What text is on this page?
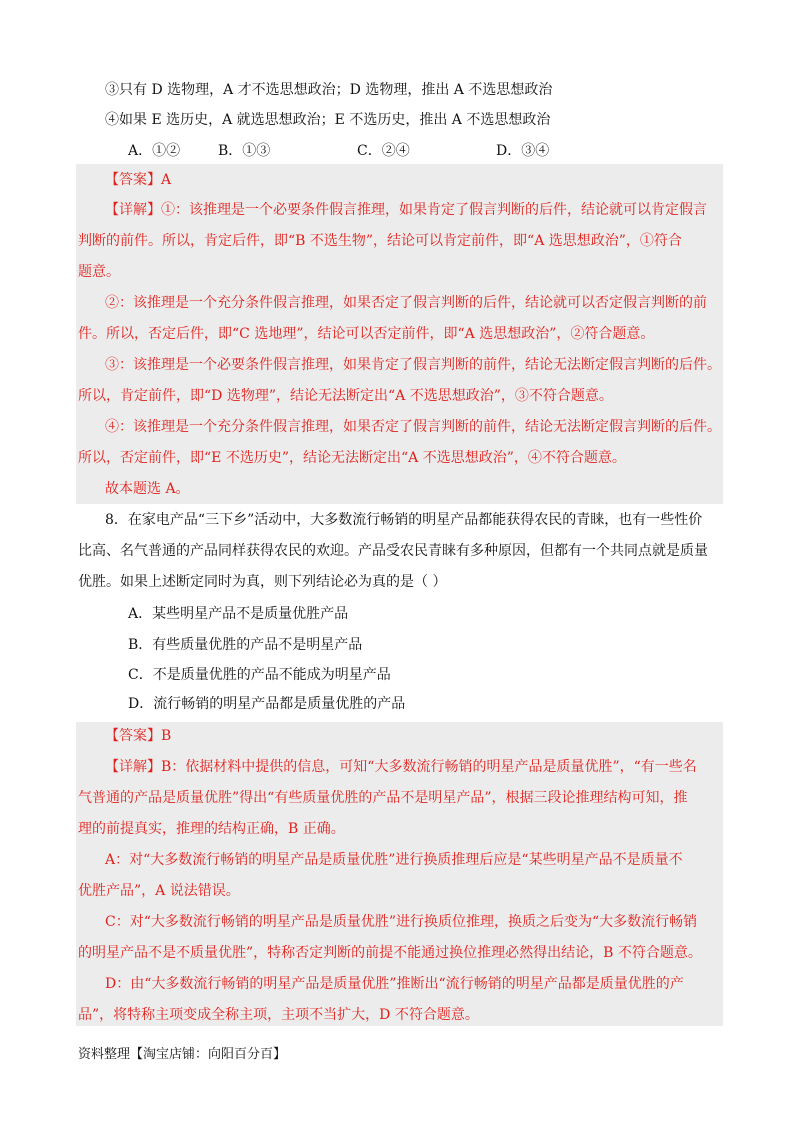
③只有 D 选物理，A 才不选思想政治；D 选物理，推出 A 不选思想政治
④如果 E 选历史，A 就选思想政治；E 不选历史，推出 A 不选思想政治
A．①②	B．①③	C．②④	D．③④
【答案】A
【详解】①：该推理是一个必要条件假言推理，如果肯定了假言判断的后件，结论就可以肯定假言
判断的前件。所以，肯定后件，即“B 不选生物”，结论可以肯定前件，即“A 选思想政治”，①符合
题意。
②：该推理是一个充分条件假言推理，如果否定了假言判断的后件，结论就可以否定假言判断的前
件。所以，否定后件，即“C 选地理”，结论可以否定前件，即“A 选思想政治”，②符合题意。
③：该推理是一个必要条件假言推理，如果肯定了假言判断的前件，结论无法断定假言判断的后件。
所以，肯定前件，即“D 选物理”，结论无法断定出“A 不选思想政治”，③不符合题意。
④：该推理是一个充分条件假言推理，如果否定了假言判断的前件，结论无法断定假言判断的后件。
所以，否定前件，即“E 不选历史”，结论无法断定出“A 不选思想政治”，④不符合题意。
故本题选 A。
8．在家电产品“三下乡”活动中，大多数流行畅销的明星产品都能获得农民的青睐，也有一些性价
比高、名气普通的产品同样获得农民的欢迎。产品受农民青睐有多种原因，但都有一个共同点就是质量
优胜。如果上述断定同时为真，则下列结论必为真的是（ ）
A．某些明星产品不是质量优胜产品
B．有些质量优胜的产品不是明星产品
C．不是质量优胜的产品不能成为明星产品
D．流行畅销的明星产品都是质量优胜的产品
【答案】B
【详解】B：依据材料中提供的信息，可知“大多数流行畅销的明星产品是质量优胜”，“有一些名
气普通的产品是质量优胜”得出“有些质量优胜的产品不是明星产品”，根据三段论推理结构可知，推
理的前提真实，推理的结构正确，B 正确。
A：对“大多数流行畅销的明星产品是质量优胜”进行换质推理后应是“某些明星产品不是质量不
优胜产品”，A 说法错误。
C：对“大多数流行畅销的明星产品是质量优胜”进行换质位推理，换质之后变为“大多数流行畅销
的明星产品不是不质量优胜”，特称否定判断的前提不能通过换位推理必然得出结论，B 不符合题意。
D：由“大多数流行畅销的明星产品是质量优胜”推断出“流行畅销的明星产品都是质量优胜的产
品”，将特称主项变成全称主项，主项不当扩大，D 不符合题意。
资料整理【淘宝店铺：向阳百分百】
